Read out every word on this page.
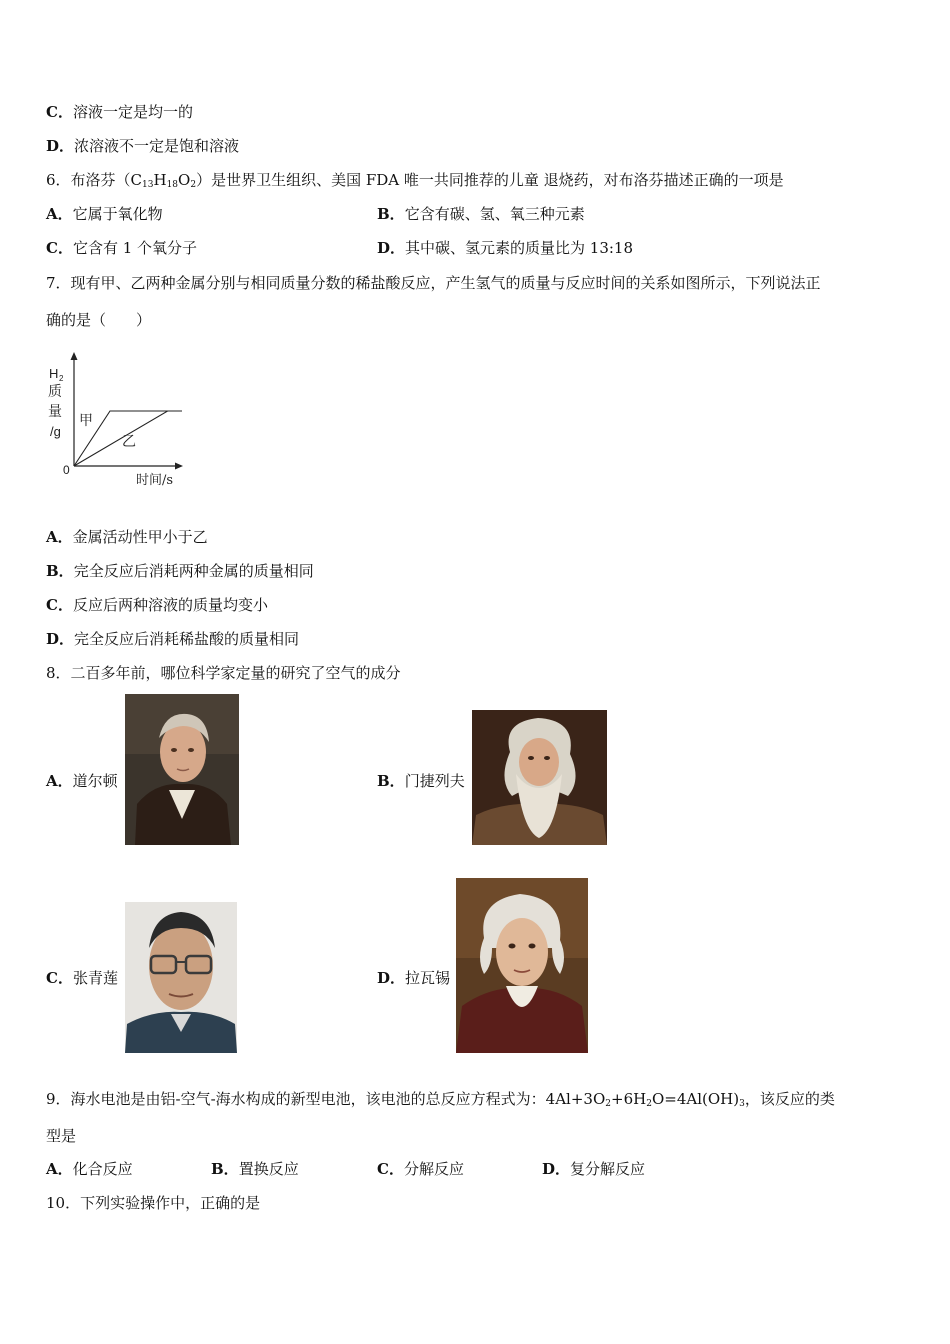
C．溶液一定是均一的
D．浓溶液不一定是饱和溶液
6．布洛芬$(C_{13}H_{18}O_2)$是世界卫生组织、美国 FDA 唯一共同推荐的儿童 退烧药，对布洛芬描述正确的一项是
A．它属于氧化物	B．它含有碳、氢、氧三种元素
C．它含有 1 个氧分子	D．其中碳、氢元素的质量比为 13:18
7．现有甲、乙两种金属分别与相同质量分数的稀盐酸反应，产生氢气的质量与反应时间的关系如图所示，下列说法正
确的是（　　）
H 2
质
量
/g
0
时间/s
甲
乙
A．金属活动性甲小于乙
B．完全反应后消耗两种金属的质量相同
C．反应后两种溶液的质量均变小
D．完全反应后消耗稀盐酸的质量相同
8．二百多年前，哪位科学家定量的研究了空气的成分
A．道尔顿	B．门捷列夫
C．张青莲	D．拉瓦锡
9．海水电池是由铝-空气-海水构成的新型电池，该电池的总反应方程式为：$4Al+3O_2+6H_2O=4Al(OH)_3$，该反应的类
型是
A．化合反应	B．置换反应	C．分解反应	D．复分解反应
10．下列实验操作中，正确的是
